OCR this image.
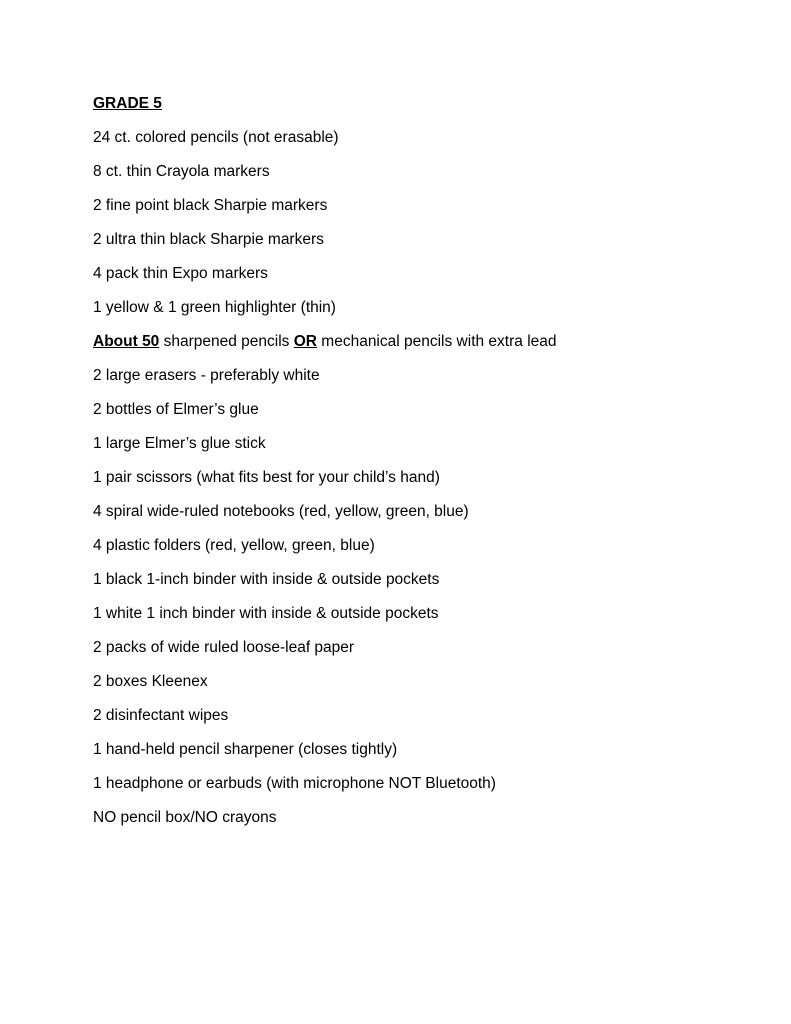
GRADE 5
24 ct. colored pencils (not erasable)
8 ct. thin Crayola markers
2 fine point black Sharpie markers
2 ultra thin black Sharpie markers
4 pack thin Expo markers
1 yellow & 1 green highlighter (thin)
About 50 sharpened pencils OR mechanical pencils with extra lead
2 large erasers - preferably white
2 bottles of Elmer’s glue
1 large Elmer’s glue stick
1 pair scissors (what fits best for your child’s hand)
4 spiral wide-ruled notebooks (red, yellow, green, blue)
4 plastic folders (red, yellow, green, blue)
1 black 1-inch binder with inside & outside pockets
1 white 1 inch binder with inside & outside pockets
2 packs of wide ruled loose-leaf paper
2 boxes Kleenex
2 disinfectant wipes
1 hand-held pencil sharpener (closes tightly)
1 headphone or earbuds (with microphone NOT Bluetooth)
NO pencil box/NO crayons
